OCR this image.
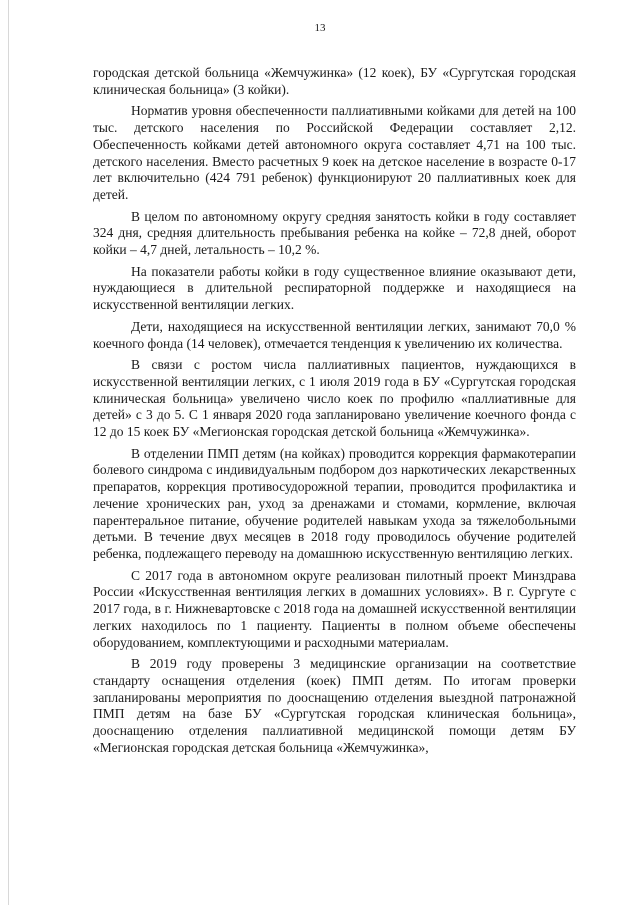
13

городская детской больница «Жемчужинка» (12 коек), БУ «Сургутская городская клиническая больница» (3 койки).

Норматив уровня обеспеченности паллиативными койками для детей на 100 тыс. детского населения по Российской Федерации составляет 2,12. Обеспеченность койками детей автономного округа составляет 4,71 на 100 тыс. детского населения. Вместо расчетных 9 коек на детское население в возрасте 0-17 лет включительно (424 791 ребенок) функционируют 20 паллиативных коек для детей.

В целом по автономному округу средняя занятость койки в году составляет 324 дня, средняя длительность пребывания ребенка на койке – 72,8 дней, оборот койки – 4,7 дней, летальность – 10,2 %.

На показатели работы койки в году существенное влияние оказывают дети, нуждающиеся в длительной респираторной поддержке и находящиеся на искусственной вентиляции легких.

Дети, находящиеся на искусственной вентиляции легких, занимают 70,0 % коечного фонда (14 человек), отмечается тенденция к увеличению их количества.

В связи с ростом числа паллиативных пациентов, нуждающихся в искусственной вентиляции легких, с 1 июля 2019 года в БУ «Сургутская городская клиническая больница» увеличено число коек по профилю «паллиативные для детей» с 3 до 5. С 1 января 2020 года запланировано увеличение коечного фонда с 12 до 15 коек БУ «Мегионская городская детской больница «Жемчужинка».

В отделении ПМП детям (на койках) проводится коррекция фармакотерапии болевого синдрома с индивидуальным подбором доз наркотических лекарственных препаратов, коррекция противосудорожной терапии, проводится профилактика и лечение хронических ран, уход за дренажами и стомами, кормление, включая парентеральное питание, обучение родителей навыкам ухода за тяжелобольными детьми. В течение двух месяцев в 2018 году проводилось обучение родителей ребенка, подлежащего переводу на домашнюю искусственную вентиляцию легких.

С 2017 года в автономном округе реализован пилотный проект Минздрава России «Искусственная вентиляция легких в домашних условиях». В г. Сургуте с 2017 года, в г. Нижневартовске с 2018 года на домашней искусственной вентиляции легких находилось по 1 пациенту. Пациенты в полном объеме обеспечены оборудованием, комплектующими и расходными материалам.

В 2019 году проверены 3 медицинские организации на соответствие стандарту оснащения отделения (коек) ПМП детям. По итогам проверки запланированы мероприятия по дооснащению отделения выездной патронажной ПМП детям на базе БУ «Сургутская городская клиническая больница», дооснащению отделения паллиативной медицинской помощи детям БУ «Мегионская городская детская больница «Жемчужинка»,
